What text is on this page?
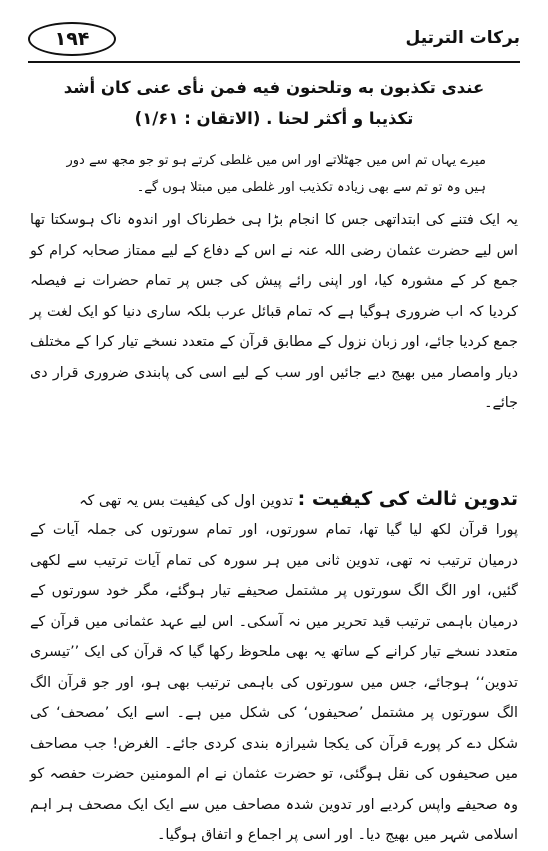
برکات الترتیل
۱۹۴
عندی تکذبون به وتلحنون فیه فمن نأی عنی کان أشد
تکذیبا و أکثر لحنا . (الاتقان : ۱/۶۱)
میرے یہاں تم اس میں جھٹلاتے اور اس میں غلطی کرتے ہو تو جو مجھ سے دور
ہیں وہ تو تم سے بھی زیادہ تکذیب اور غلطی میں مبتلا ہوں گے۔
یہ ایک فتنے کی ابتداتھی جس کا انجام بڑا ہی خطرناک اور اندوہ ناک ہوسکتا تھا اس لیے حضرت عثمان رضی اللہ عنہ نے اس کے دفاع کے لیے ممتاز صحابہ کرام کو جمع کر کے مشورہ کیا، اور اپنی رائے پیش کی جس پر تمام حضرات نے فیصلہ کردیا کہ اب ضروری ہوگیا ہے کہ تمام قبائل عرب بلکہ ساری دنیا کو ایک لغت پر جمع کردیا جائے، اور زبان نزول کے مطابق قرآن کے متعدد نسخے تیار کرا کے مختلف دیار وامصار میں بھیج دیے جائیں اور سب کے لیے اسی کی پابندی ضروری قرار دی جائے۔
تدوین ثالث کی کیفیت : تدوین اول کی کیفیت بس یہ تھی کہ
پورا قرآن لکھ لیا گیا تھا، تمام سورتوں، اور تمام سورتوں کی جملہ آیات کے درمیان ترتیب نہ تھی، تدوین ثانی میں ہر سورہ کی تمام آیات ترتیب سے لکھی گئیں، اور الگ الگ سورتوں پر مشتمل صحیفے تیار ہوگئے، مگر خود سورتوں کے درمیان باہمی ترتیب قید تحریر میں نہ آسکی۔ اس لیے عہد عثمانی میں قرآن کے متعدد نسخے تیار کرانے کے ساتھ یہ بھی ملحوظ رکھا گیا کہ قرآن کی ایک ’’تیسری تدوین‘‘ ہوجائے، جس میں سورتوں کی باہمی ترتیب بھی ہو، اور جو قرآن الگ الگ سورتوں پر مشتمل ’صحیفوں‘ کی شکل میں ہے۔ اسے ایک ’مصحف‘ کی شکل دے کر پورے قرآن کی یکجا شیرازہ بندی کردی جائے۔ الغرض! جب مصاحف میں صحیفوں کی نقل ہوگئی، تو حضرت عثمان نے ام المومنین حضرت حفصہ کو وہ صحیفے واپس کردیے اور تدوین شدہ مصاحف میں سے ایک ایک مصحف ہر اہم اسلامی شہر میں بھیج دیا۔ اور اسی پر اجماع و اتفاق ہوگیا۔
